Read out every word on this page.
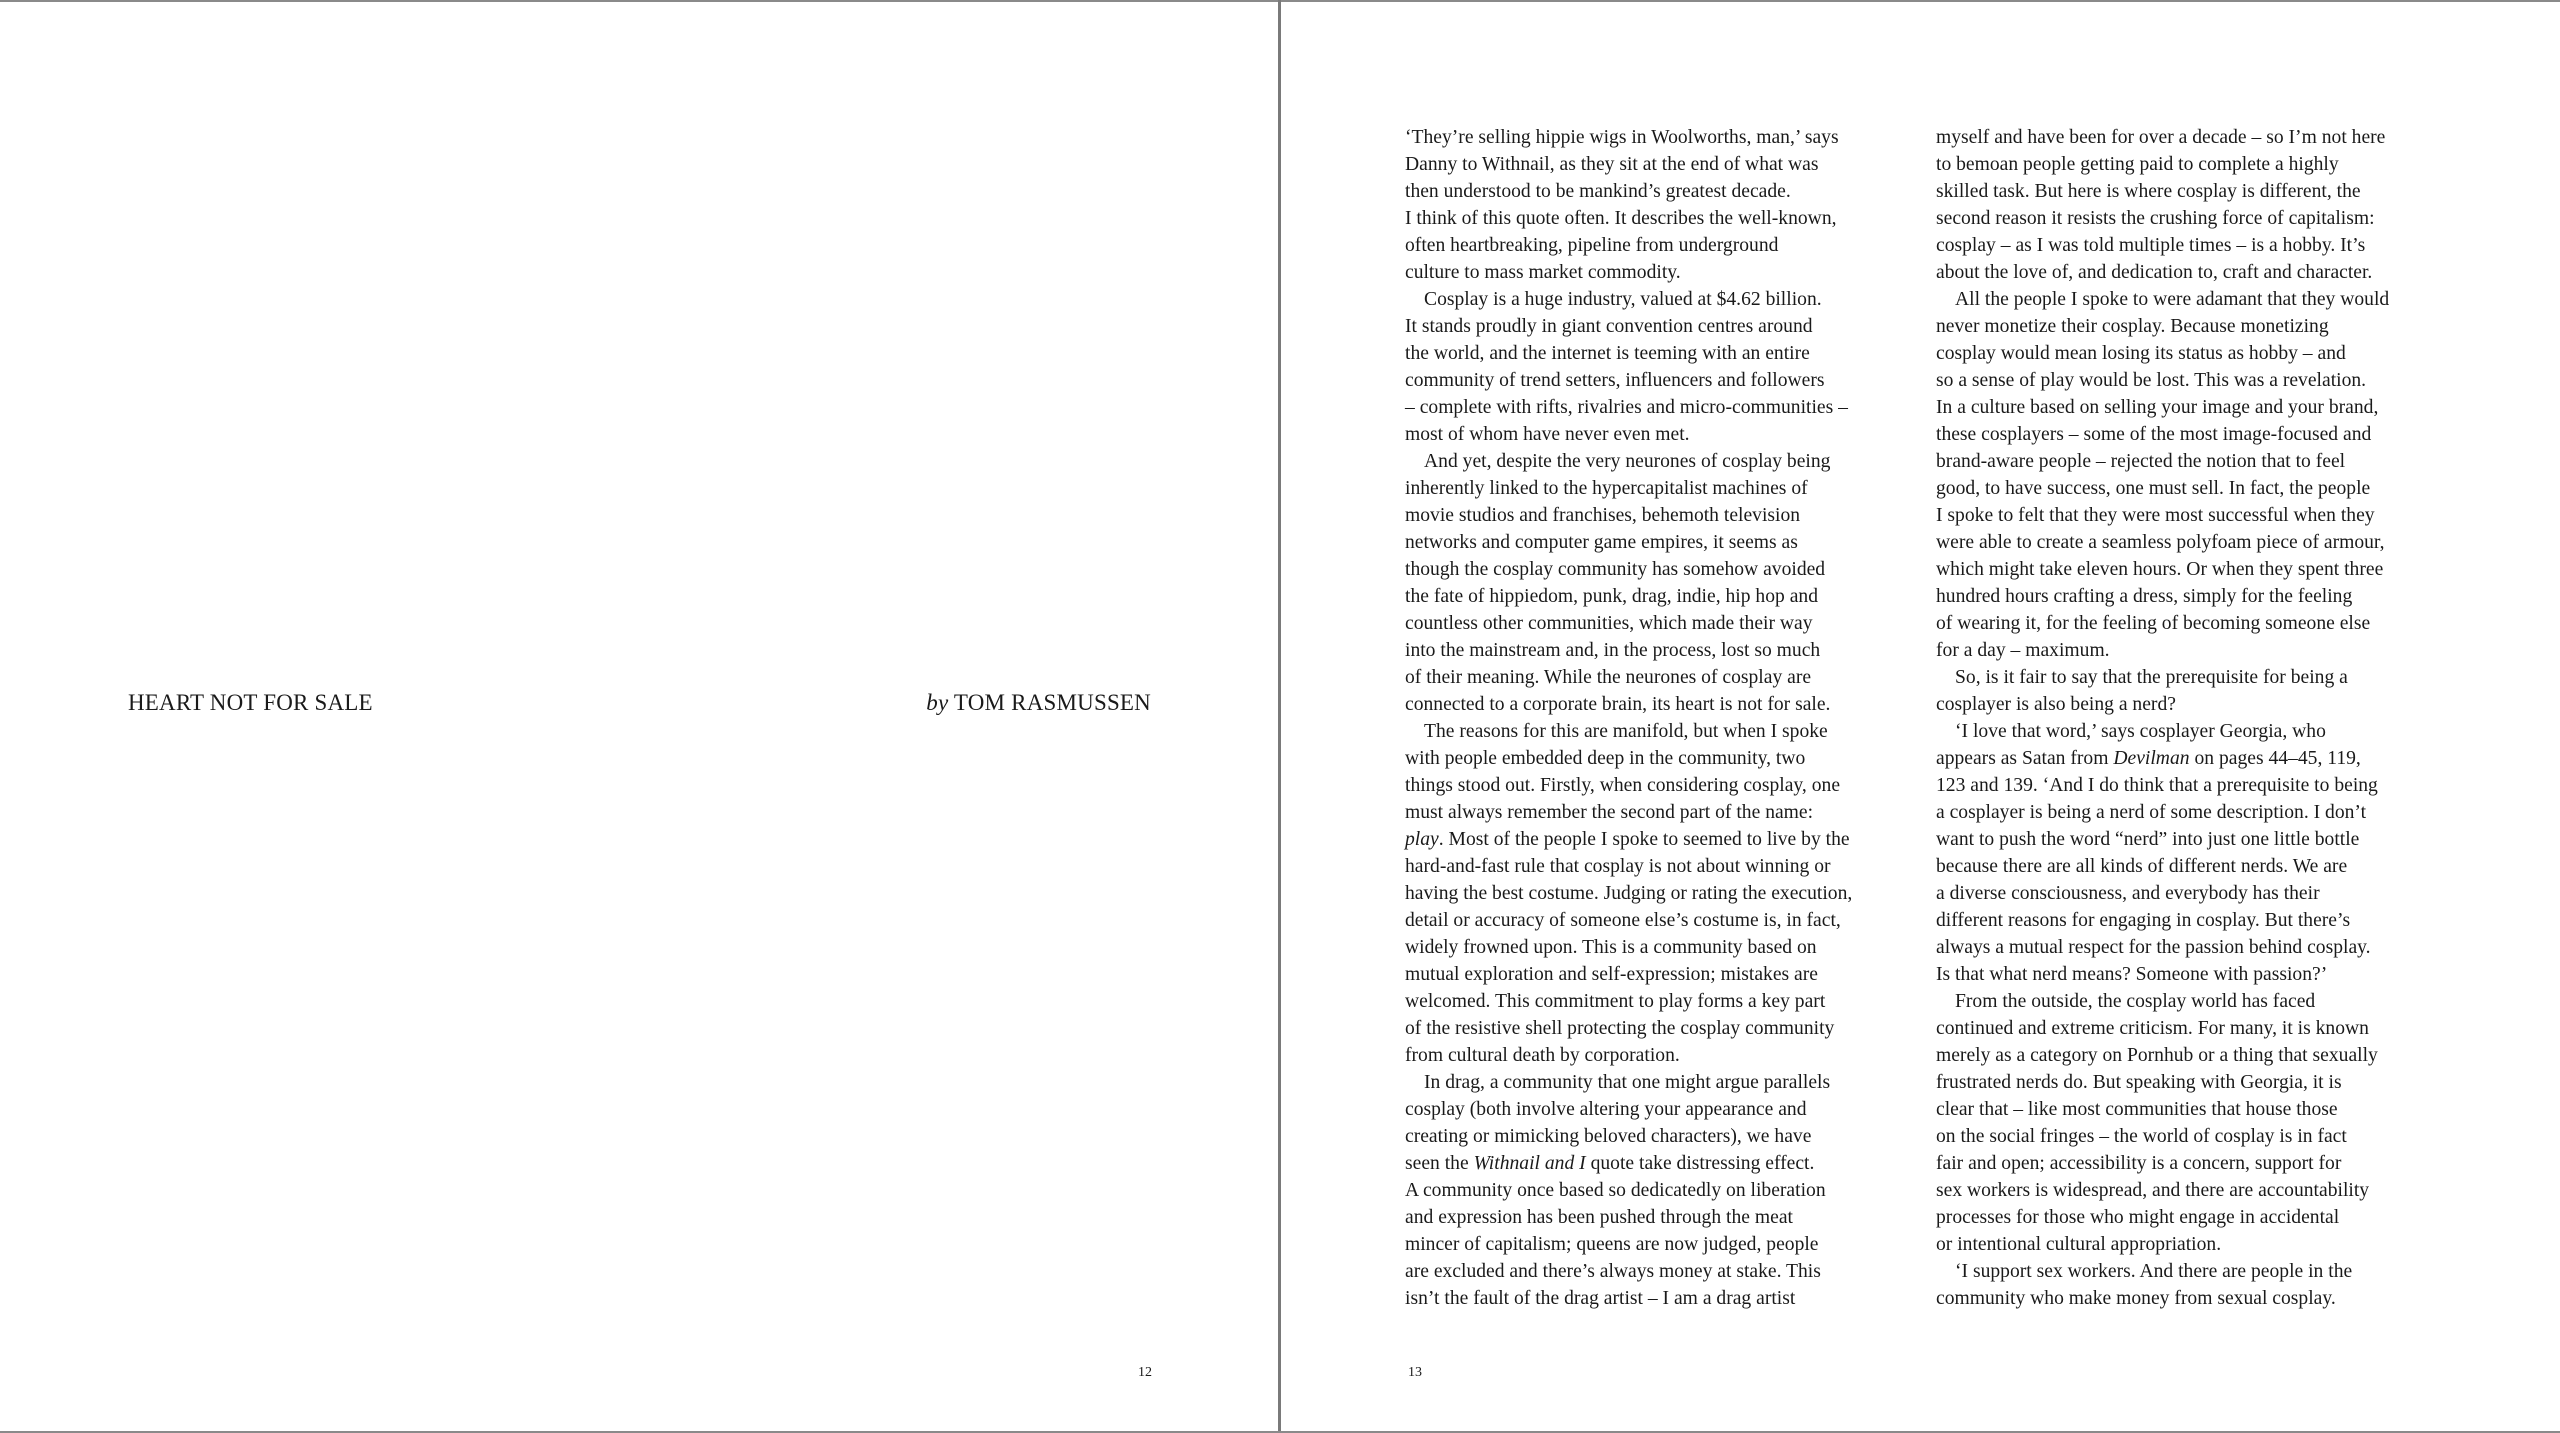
HEART NOT FOR SALE	by TOM RASMUSSEN
12
‘They’re selling hippie wigs in Woolworths, man,’ says
Danny to Withnail, as they sit at the end of what was
then understood to be mankind’s greatest decade.
I think of this quote often. It describes the well-known,
often heartbreaking, pipeline from underground
culture to mass market commodity.
Cosplay is a huge industry, valued at $4.62 billion.
It stands proudly in giant convention centres around
the world, and the internet is teeming with an entire
community of trend setters, influencers and followers
– complete with rifts, rivalries and micro-communities –
most of whom have never even met.
And yet, despite the very neurones of cosplay being
inherently linked to the hypercapitalist machines of
movie studios and franchises, behemoth television
networks and computer game empires, it seems as
though the cosplay community has somehow avoided
the fate of hippiedom, punk, drag, indie, hip hop and
countless other communities, which made their way
into the mainstream and, in the process, lost so much
of their meaning. While the neurones of cosplay are
connected to a corporate brain, its heart is not for sale.
The reasons for this are manifold, but when I spoke
with people embedded deep in the community, two
things stood out. Firstly, when considering cosplay, one
must always remember the second part of the name:
play. Most of the people I spoke to seemed to live by the
hard-and-fast rule that cosplay is not about winning or
having the best costume. Judging or rating the execution,
detail or accuracy of someone else’s costume is, in fact,
widely frowned upon. This is a community based on
mutual exploration and self-expression; mistakes are
welcomed. This commitment to play forms a key part
of the resistive shell protecting the cosplay community
from cultural death by corporation.
In drag, a community that one might argue parallels
cosplay (both involve altering your appearance and
creating or mimicking beloved characters), we have
seen the Withnail and I quote take distressing effect.
A community once based so dedicatedly on liberation
and expression has been pushed through the meat
mincer of capitalism; queens are now judged, people
are excluded and there’s always money at stake. This
isn’t the fault of the drag artist – I am a drag artist
myself and have been for over a decade – so I’m not here
to bemoan people getting paid to complete a highly
skilled task. But here is where cosplay is different, the
second reason it resists the crushing force of capitalism:
cosplay – as I was told multiple times – is a hobby. It’s
about the love of, and dedication to, craft and character.
All the people I spoke to were adamant that they would
never monetize their cosplay. Because monetizing
cosplay would mean losing its status as hobby – and
so a sense of play would be lost. This was a revelation.
In a culture based on selling your image and your brand,
these cosplayers – some of the most image-focused and
brand-aware people – rejected the notion that to feel
good, to have success, one must sell. In fact, the people
I spoke to felt that they were most successful when they
were able to create a seamless polyfoam piece of armour,
which might take eleven hours. Or when they spent three
hundred hours crafting a dress, simply for the feeling
of wearing it, for the feeling of becoming someone else
for a day – maximum.
So, is it fair to say that the prerequisite for being a
cosplayer is also being a nerd?
‘I love that word,’ says cosplayer Georgia, who
appears as Satan from Devilman on pages 44–45, 119,
123 and 139. ‘And I do think that a prerequisite to being
a cosplayer is being a nerd of some description. I don’t
want to push the word “nerd” into just one little bottle
because there are all kinds of different nerds. We are
a diverse consciousness, and everybody has their
different reasons for engaging in cosplay. But there’s
always a mutual respect for the passion behind cosplay.
Is that what nerd means? Someone with passion?’
From the outside, the cosplay world has faced
continued and extreme criticism. For many, it is known
merely as a category on Pornhub or a thing that sexually
frustrated nerds do. But speaking with Georgia, it is
clear that – like most communities that house those
on the social fringes – the world of cosplay is in fact
fair and open; accessibility is a concern, support for
sex workers is widespread, and there are accountability
processes for those who might engage in accidental
or intentional cultural appropriation.
‘I support sex workers. And there are people in the
community who make money from sexual cosplay.
13
